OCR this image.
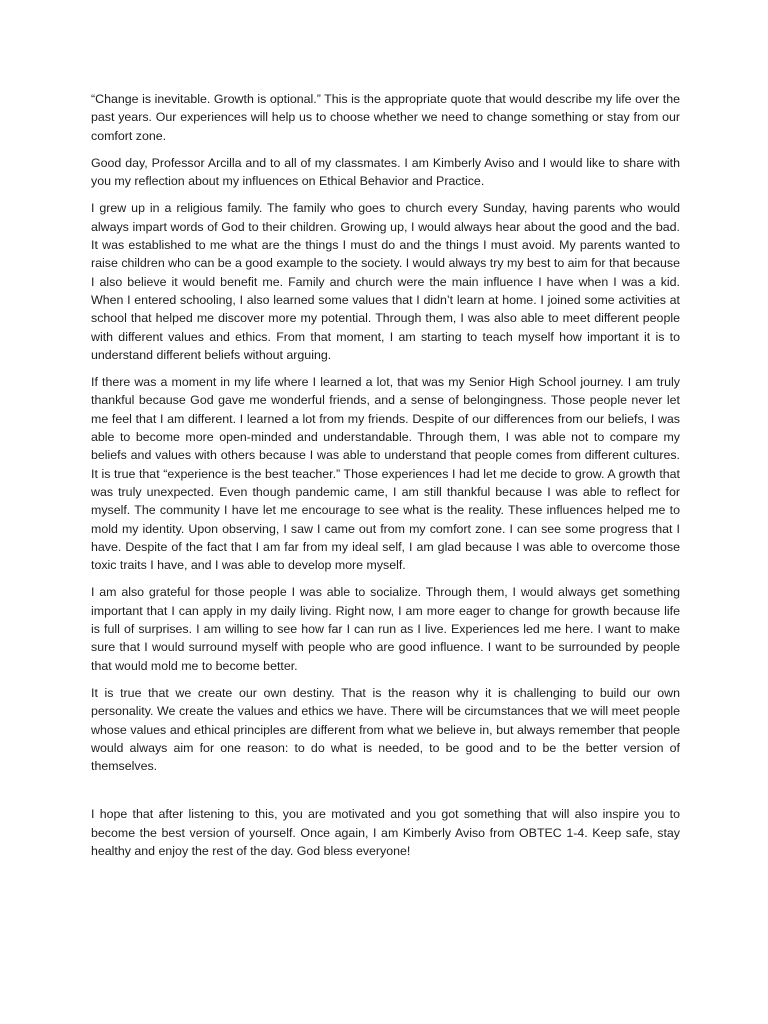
“Change is inevitable. Growth is optional.” This is the appropriate quote that would describe my life over the past years. Our experiences will help us to choose whether we need to change something or stay from our comfort zone.

Good day, Professor Arcilla and to all of my classmates. I am Kimberly Aviso and I would like to share with you my reflection about my influences on Ethical Behavior and Practice.

I grew up in a religious family. The family who goes to church every Sunday, having parents who would always impart words of God to their children. Growing up, I would always hear about the good and the bad. It was established to me what are the things I must do and the things I must avoid. My parents wanted to raise children who can be a good example to the society. I would always try my best to aim for that because I also believe it would benefit me. Family and church were the main influence I have when I was a kid. When I entered schooling, I also learned some values that I didn’t learn at home. I joined some activities at school that helped me discover more my potential. Through them, I was also able to meet different people with different values and ethics. From that moment, I am starting to teach myself how important it is to understand different beliefs without arguing.

If there was a moment in my life where I learned a lot, that was my Senior High School journey. I am truly thankful because God gave me wonderful friends, and a sense of belongingness. Those people never let me feel that I am different. I learned a lot from my friends. Despite of our differences from our beliefs, I was able to become more open-minded and understandable. Through them, I was able not to compare my beliefs and values with others because I was able to understand that people comes from different cultures. It is true that “experience is the best teacher.” Those experiences I had let me decide to grow. A growth that was truly unexpected. Even though pandemic came, I am still thankful because I was able to reflect for myself. The community I have let me encourage to see what is the reality. These influences helped me to mold my identity. Upon observing, I saw I came out from my comfort zone. I can see some progress that I have. Despite of the fact that I am far from my ideal self, I am glad because I was able to overcome those toxic traits I have, and I was able to develop more myself.

I am also grateful for those people I was able to socialize. Through them, I would always get something important that I can apply in my daily living. Right now, I am more eager to change for growth because life is full of surprises. I am willing to see how far I can run as I live. Experiences led me here. I want to make sure that I would surround myself with people who are good influence. I want to be surrounded by people that would mold me to become better.

It is true that we create our own destiny. That is the reason why it is challenging to build our own personality. We create the values and ethics we have. There will be circumstances that we will meet people whose values and ethical principles are different from what we believe in, but always remember that people would always aim for one reason: to do what is needed, to be good and to be the better version of themselves.

I hope that after listening to this, you are motivated and you got something that will also inspire you to become the best version of yourself. Once again, I am Kimberly Aviso from OBTEC 1-4. Keep safe, stay healthy and enjoy the rest of the day. God bless everyone!
